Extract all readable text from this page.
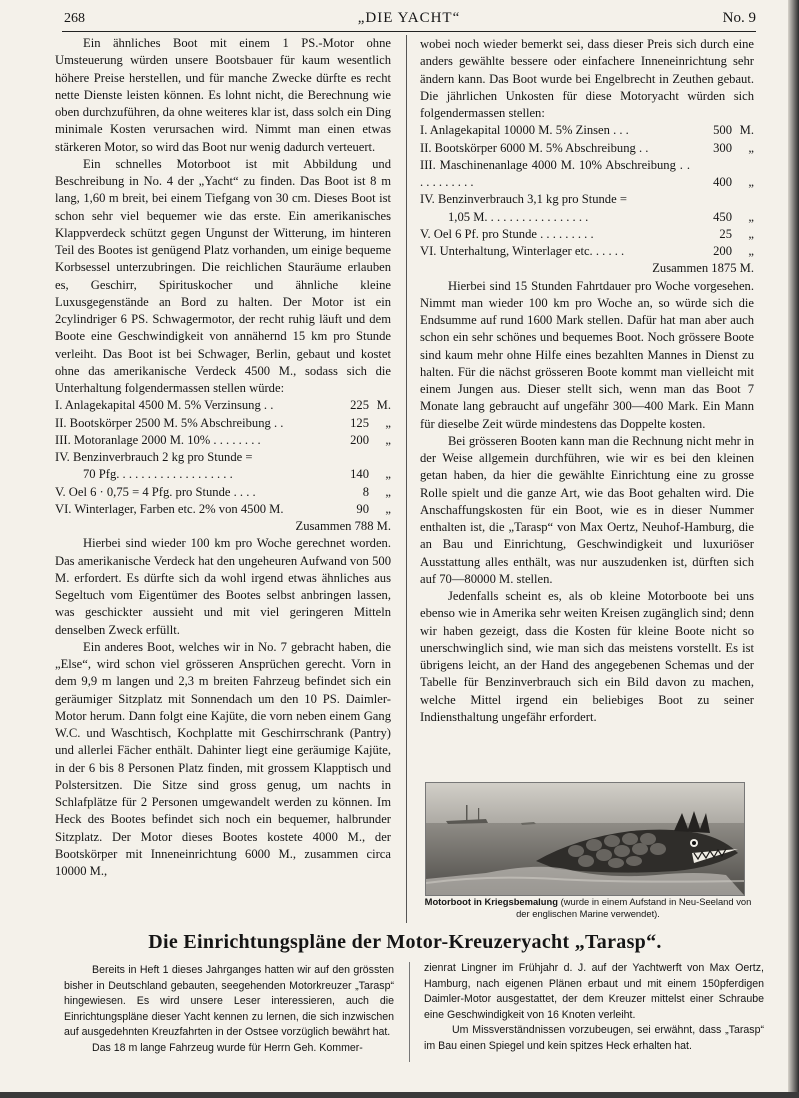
268	„DIE YACHT“	No. 9

Ein ähnliches Boot mit einem 1 PS.-Motor ohne Umsteuerung würden unsere Bootsbauer für kaum wesentlich höhere Preise herstellen, und für manche Zwecke dürfte es recht nette Dienste leisten können. Es lohnt nicht, die Berechnung wie oben durchzuführen, da ohne weiteres klar ist, dass solch ein Ding minimale Kosten verursachen wird. Nimmt man einen etwas stärkeren Motor, so wird das Boot nur wenig dadurch verteuert.

Ein schnelles Motorboot ist mit Abbildung und Beschreibung in No. 4 der „Yacht“ zu finden. Das Boot ist 8 m lang, 1,60 m breit, bei einem Tiefgang von 30 cm. Dieses Boot ist schon sehr viel bequemer wie das erste. Ein amerikanisches Klappverdeck schützt gegen Ungunst der Witterung, im hinteren Teil des Bootes ist genügend Platz vorhanden, um einige bequeme Korbsessel unterzubringen. Die reichlichen Stauräume erlauben es, Geschirr, Spirituskocher und ähnliche kleine Luxusgegenstände an Bord zu halten. Der Motor ist ein 2cylindriger 6 PS. Schwagermotor, der recht ruhig läuft und dem Boote eine Geschwindigkeit von annähernd 15 km pro Stunde verleiht. Das Boot ist bei Schwager, Berlin, gebaut und kostet ohne das amerikanische Verdeck 4500 M., sodass sich die Unterhaltung folgendermassen stellen würde:

I. Anlagekapital 4500 M. 5% Verzinsung . .	225 M.
II. Bootskörper 2500 M. 5% Abschreibung . .	125	„
III. Motoranlage 2000 M. 10% . . . . . . . .	200	„
IV. Benzinverbrauch 2 kg pro Stunde =
70 Pfg. . . . . . . . . . . . . . . . . . .	140	„
V. Oel 6 · 0,75 = 4 Pfg. pro Stunde . . . .	8	„
VI. Winterlager, Farben etc. 2% von 4500 M.	90	„
Zusammen 788 M.

Hierbei sind wieder 100 km pro Woche gerechnet worden. Das amerikanische Verdeck hat den ungeheuren Aufwand von 500 M. erfordert. Es dürfte sich da wohl irgend etwas ähnliches aus Segeltuch vom Eigentümer des Bootes selbst anbringen lassen, was geschickter aussieht und mit viel geringeren Mitteln denselben Zweck erfüllt.

Ein anderes Boot, welches wir in No. 7 gebracht haben, die „Else“, wird schon viel grösseren Ansprüchen gerecht. Vorn in dem 9,9 m langen und 2,3 m breiten Fahrzeug befindet sich ein geräumiger Sitzplatz mit Sonnendach um den 10 PS. Daimler-Motor herum. Dann folgt eine Kajüte, die vorn neben einem Gang W.C. und Waschtisch, Kochplatte mit Geschirrschrank (Pantry) und allerlei Fächer enthält. Dahinter liegt eine geräumige Kajüte, in der 6 bis 8 Personen Platz finden, mit grossem Klapptisch und Polstersitzen. Die Sitze sind gross genug, um nachts in Schlafplätze für 2 Personen umgewandelt werden zu können. Im Heck des Bootes befindet sich noch ein bequemer, halbrunder Sitzplatz. Der Motor dieses Bootes kostete 4000 M., der Bootskörper mit Inneneinrichtung 6000 M., zusammen circa 10000 M.,

wobei noch wieder bemerkt sei, dass dieser Preis sich durch eine anders gewählte bessere oder einfachere Inneneinrichtung sehr ändern kann. Das Boot wurde bei Engelbrecht in Zeuthen gebaut. Die jährlichen Unkosten für diese Motoryacht würden sich folgendermassen stellen:

I. Anlagekapital 10000 M. 5% Zinsen . . .	500 M.
II. Bootskörper 6000 M. 5% Abschreibung . .	300	„
III. Maschinenanlage 4000 M. 10% Abschreibung . . . . . . . . . . .	400	„
IV. Benzinverbrauch 3,1 kg pro Stunde =
1,05 M. . . . . . . . . . . . . . . . .	450	„
V. Oel 6 Pf. pro Stunde . . . . . . . . .	25	„
VI. Unterhaltung, Winterlager etc. . . . . .	200	„
Zusammen 1875 M.

Hierbei sind 15 Stunden Fahrtdauer pro Woche vorgesehen. Nimmt man wieder 100 km pro Woche an, so würde sich die Endsumme auf rund 1600 Mark stellen. Dafür hat man aber auch schon ein sehr schönes und bequemes Boot. Noch grössere Boote sind kaum mehr ohne Hilfe eines bezahlten Mannes in Dienst zu halten. Für die nächst grösseren Boote kommt man vielleicht mit einem Jungen aus. Dieser stellt sich, wenn man das Boot 7 Monate lang gebraucht auf ungefähr 300—400 Mark. Ein Mann für dieselbe Zeit würde mindestens das Doppelte kosten.

Bei grösseren Booten kann man die Rechnung nicht mehr in der Weise allgemein durchführen, wie wir es bei den kleinen getan haben, da hier die gewählte Einrichtung eine zu grosse Rolle spielt und die ganze Art, wie das Boot gehalten wird. Die Anschaffungskosten für ein Boot, wie es in dieser Nummer enthalten ist, die „Tarasp“ von Max Oertz, Neuhof-Hamburg, die an Bau und Einrichtung, Geschwindigkeit und luxuriöser Ausstattung alles enthält, was nur auszudenken ist, dürften sich auf 70—80000 M. stellen.

Jedenfalls scheint es, als ob kleine Motorboote bei uns ebenso wie in Amerika sehr weiten Kreisen zugänglich sind; denn wir haben gezeigt, dass die Kosten für kleine Boote nicht so unerschwinglich sind, wie man sich das meistens vorstellt. Es ist übrigens leicht, an der Hand des angegebenen Schemas und der Tabelle für Benzinverbrauch sich ein Bild davon zu machen, welche Mittel irgend ein beliebiges Boot zu seiner Indiensthaltung ungefähr erfordert.

Motorboot in Kriegsbemalung (wurde in einem Aufstand in Neu-Seeland von der englischen Marine verwendet).
Die Einrichtungspläne der Motor-Kreuzeryacht „Tarasp“.

Bereits in Heft 1 dieses Jahrganges hatten wir auf den grössten bisher in Deutschland gebauten, seegehenden Motorkreuzer „Tarasp“ hingewiesen. Es wird unsere Leser interessieren, auch die Einrichtungspläne dieser Yacht kennen zu lernen, die sich inzwischen auf ausgedehnten Kreuzfahrten in der Ostsee vorzüglich bewährt hat.

Das 18 m lange Fahrzeug wurde für Herrn Geh. Kommer-

zienrat Lingner im Frühjahr d. J. auf der Yachtwerft von Max Oertz, Hamburg, nach eigenen Plänen erbaut und mit einem 150pferdigen Daimler-Motor ausgestattet, der dem Kreuzer mittelst einer Schraube eine Geschwindigkeit von 16 Knoten verleiht.

Um Missverständnissen vorzubeugen, sei erwähnt, dass „Tarasp“ im Bau einen Spiegel und kein spitzes Heck erhalten hat.
